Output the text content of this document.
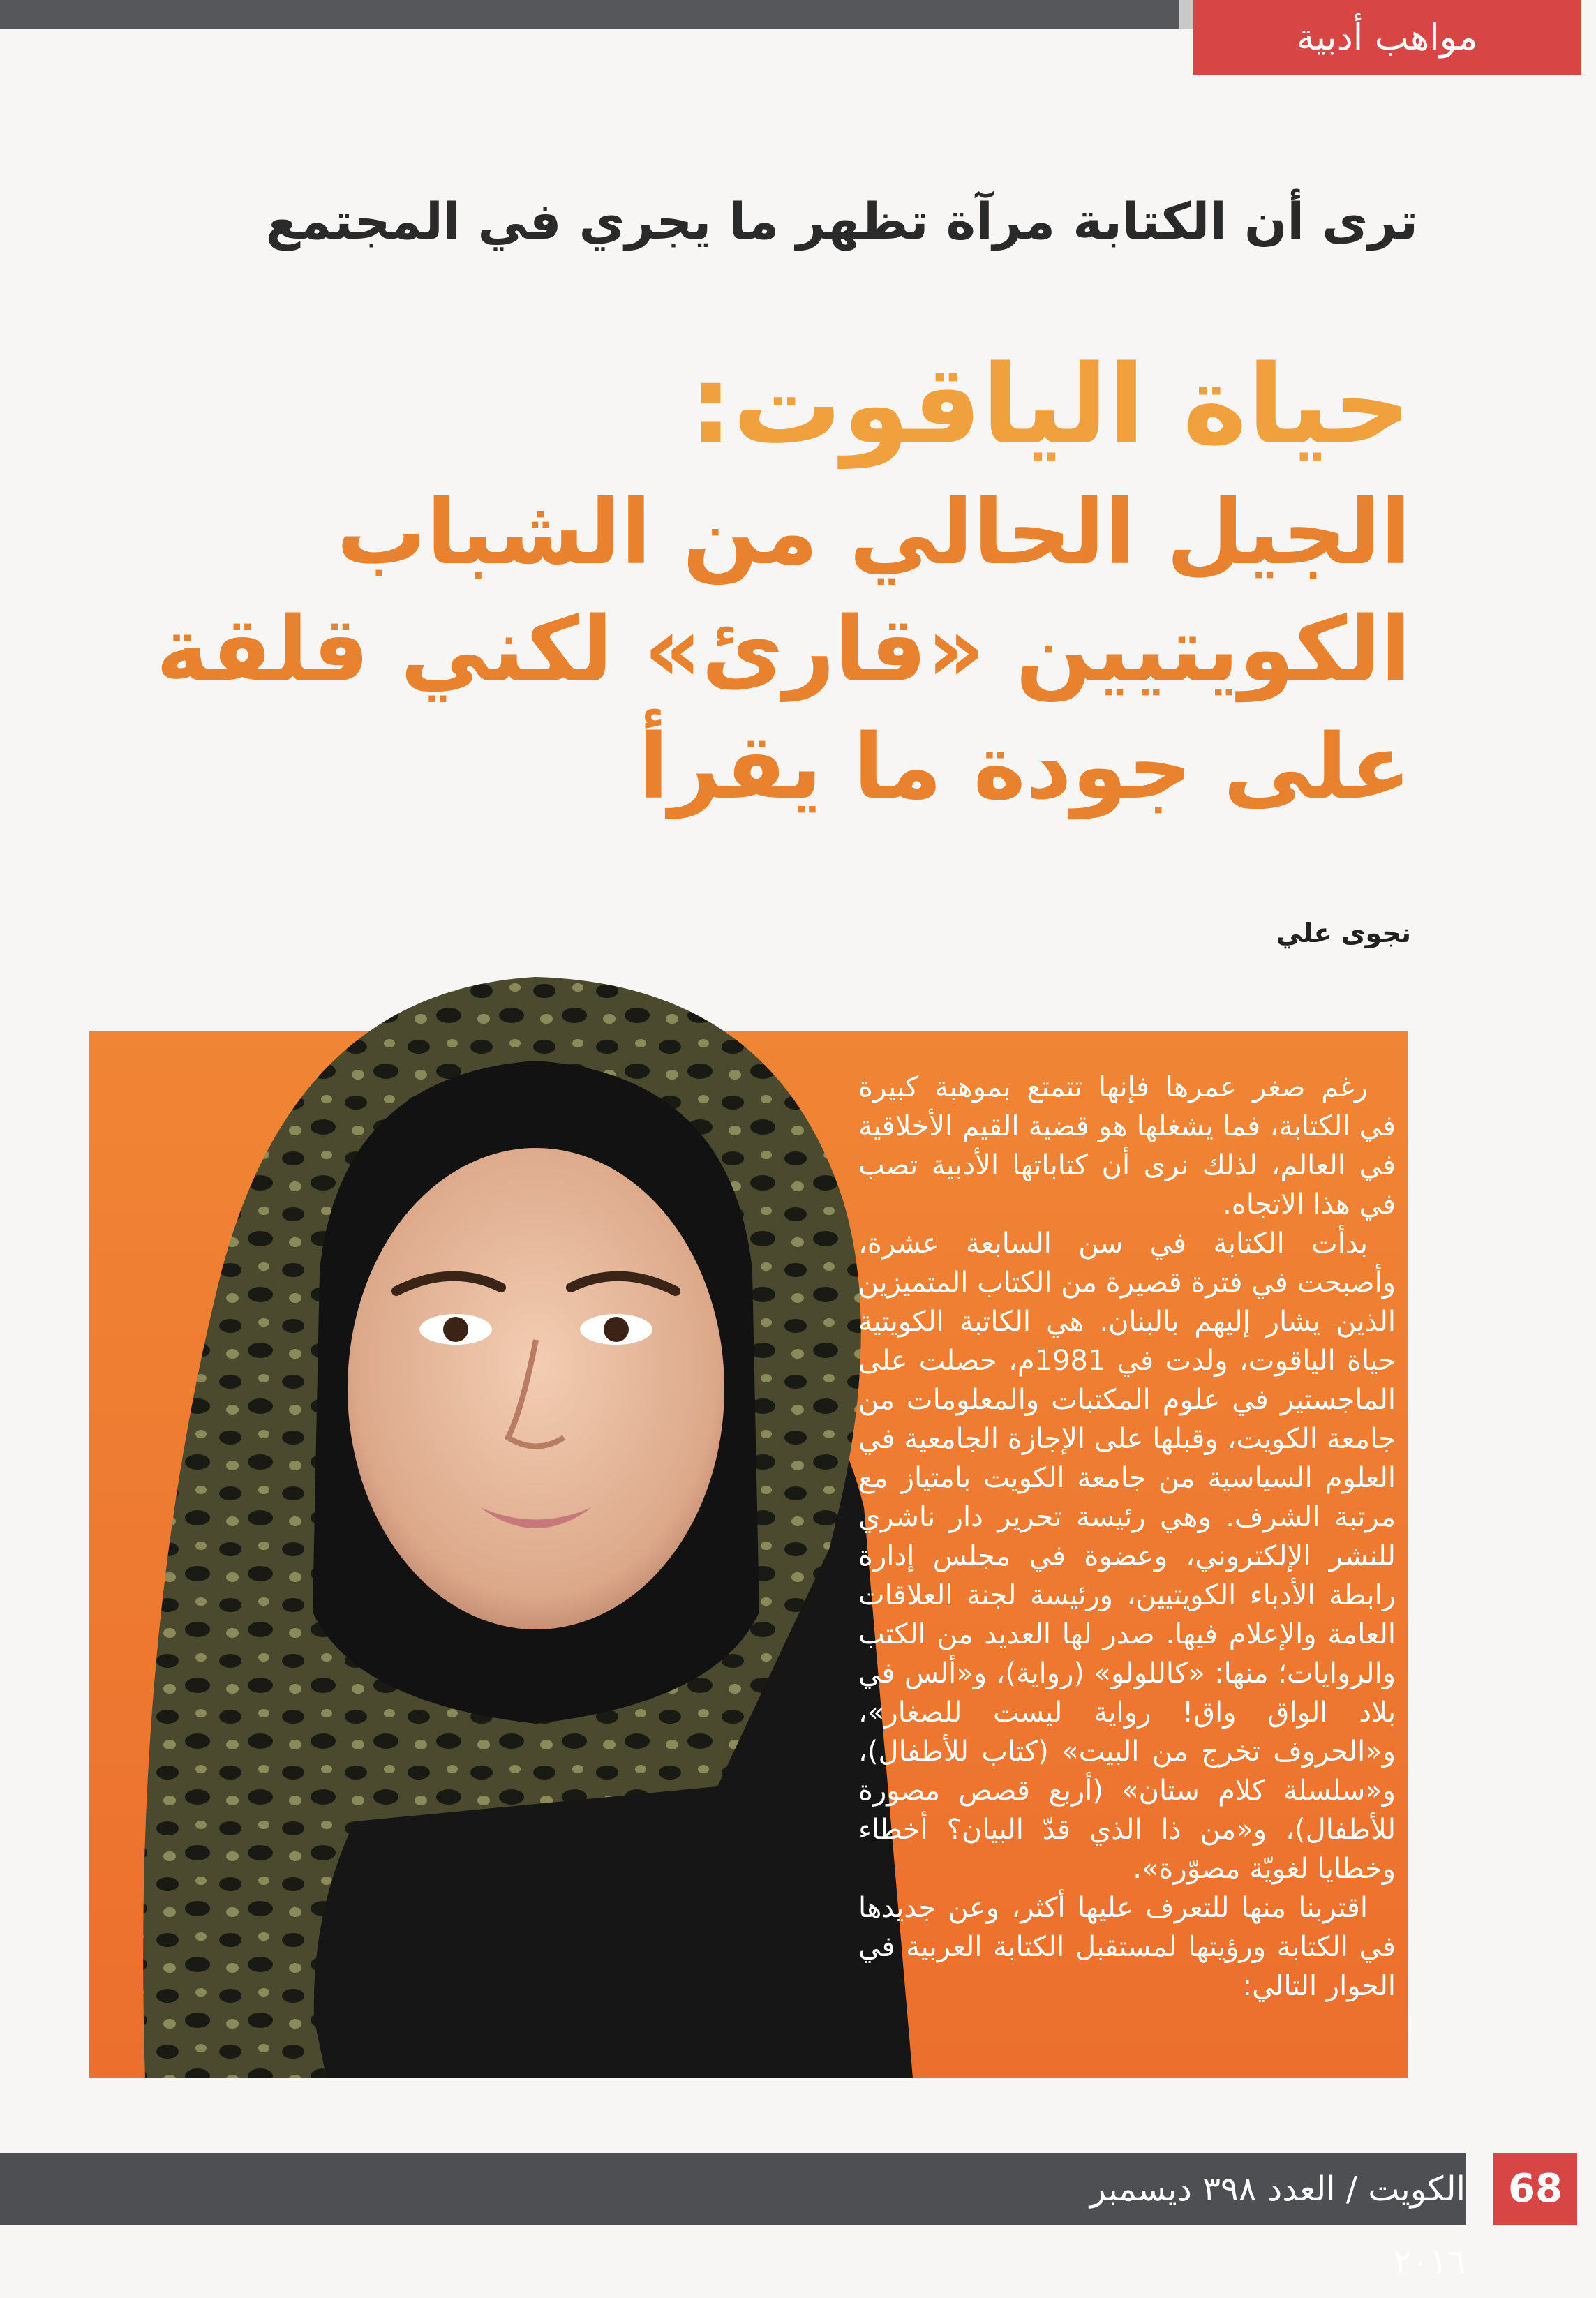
مواهب أدبية
ترى أن الكتابة مرآة تظهر ما يجري في المجتمع
حياة الياقوت:
الجيل الحالي من الشباب
الكويتيين «قارئ» لكني قلقة
على جودة ما يقرأ
نجوى علي

رغم صغر عمرها فإنها تتمتع بموهبة كبيرة في الكتابة، فما يشغلها هو قضية القيم الأخلاقية في العالم، لذلك نرى أن كتاباتها الأدبية تصب في هذا الاتجاه.

بدأت الكتابة في سن السابعة عشرة، وأصبحت في فترة قصيرة من الكتاب المتميزين الذين يشار إليهم بالبنان. هي الكاتبة الكويتية حياة الياقوت، ولدت في 1981م، حصلت على الماجستير في علوم المكتبات والمعلومات من جامعة الكويت، وقبلها على الإجازة الجامعية في العلوم السياسية من جامعة الكويت بامتياز مع مرتبة الشرف. وهي رئيسة تحرير دار ناشري للنشر الإلكتروني، وعضوة في مجلس إدارة رابطة الأدباء الكويتيين، ورئيسة لجنة العلاقات العامة والإعلام فيها. صدر لها العديد من الكتب والروايات؛ منها: «كاللولو» (رواية)، و«ألس في بلاد الواق واق! رواية ليست للصغار»، و«الحروف تخرج من البيت» (كتاب للأطفال)، و«سلسلة كلام ستان» (أربع قصص مصورة للأطفال)، و«من ذا الذي قدّ البيان؟ أخطاء وخطايا لغويّة مصوّرة».

اقتربنا منها للتعرف عليها أكثر، وعن جديدها في الكتابة ورؤيتها لمستقبل الكتابة العربية في الحوار التالي:

الكويت / العدد ٣٩٨ ديسمبر ٢٠١٦
68
